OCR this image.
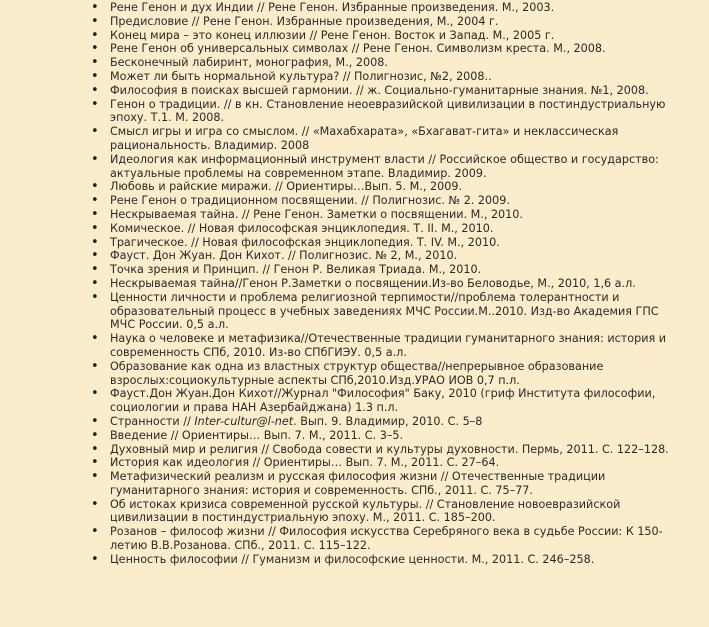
• Рене Генон и дух Индии // Рене Генон. Избранные произведения. М., 2003.
• Предисловие // Рене Генон. Избранные произведения, М., 2004 г.
• Конец мира – это конец иллюзии // Рене Генон. Восток и Запад. М., 2005 г.
• Рене Генон об универсальных символах // Рене Генон. Символизм креста. М., 2008.
• Бесконечный лабиринт, монография, М., 2008.
• Может ли быть нормальной культура? // Полигнозис, №2, 2008..
• Философия в поисках высшей гармонии. // ж. Социально-гуманитарные знания. №1, 2008.
• Генон о традиции. // в кн. Становление неоевразийской цивилизации в постиндустриальную эпоху. Т.1. М. 2008.
• Смысл игры и игра со смыслом. // «Махабхарата», «Бхагават-гита» и некласcическая рациональность. Владимир. 2008
• Идеология как информационный инструмент власти // Российское общество и государство: актуальные проблемы на современном этапе. Владимир. 2009.
• Любовь и райские миражи. // Ориентиры…Вып. 5. М., 2009.
• Рене Генон о традиционном посвящении. // Полигнозис. № 2. 2009.
• Нескрываемая тайна. // Рене Генон. Заметки о посвящении. М., 2010.
• Комическое. // Новая философская энциклопедия. Т. II. М., 2010.
• Трагическое. // Новая философская энциклопедия. Т. IV. М., 2010.
• Фауст. Дон Жуан. Дон Кихот. // Полигнозис. № 2, М., 2010.
• Точка зрения и Принцип. // Генон Р. Великая Триада. М., 2010.
• Нескрываемая тайна//Генон Р.Заметки о посвящении.Из-во Беловодье, М., 2010, 1,6 а.л.
• Ценности личности и проблема религиозной терпимости//проблема толерантности и образовательный процесс в учебных заведениях МЧС России.М..2010. Изд-во Академия ГПС МЧС России. 0,5 а.л.
• Наука о человеке и метафизика//Отечественные традиции гуманитарного знания: история и современность СПб, 2010. Из-во СПбГИЭУ. 0,5 а.л.
• Образование как одна из властных структур общества//непрерывное образование взрослых:социокультурные аспекты СПб,2010.Изд.УРАО ИОВ 0,7 п.л.
• Фауст.Дон Жуан.Дон Кихот//Журнал "Философия" Баку, 2010 (гриф Института философии, социологии и права НАН Азербайджана) 1.3 п.л.
• Странности // Inter-cultur@l-net. Вып. 9. Владимир, 2010. С. 5–8
• Введение // Ориентиры… Вып. 7. М., 2011. С. 3–5.
• Духовный мир и религия // Свобода совести и культуры духовности. Пермь, 2011. С. 122–128.
• История как идеология // Ориентиры… Вып. 7. М., 2011. С. 27–64.
• Метафизический реализм и русская философия жизни // Отечественные традиции гуманитарного знания: история и современность. СПб., 2011. С. 75–77.
• Об истоках кризиса современной русской культуры. // Становление новоевразийской цивилизации в постиндустриальную эпоху. М., 2011. С. 185–200.
• Розанов – философ жизни // Философия искусства Серебряного века в судьбе России: К 150-летию В.В.Розанова. СПб., 2011. С. 115–122.
• Ценность философии // Гуманизм и философские ценности. М., 2011. С. 246–258.
